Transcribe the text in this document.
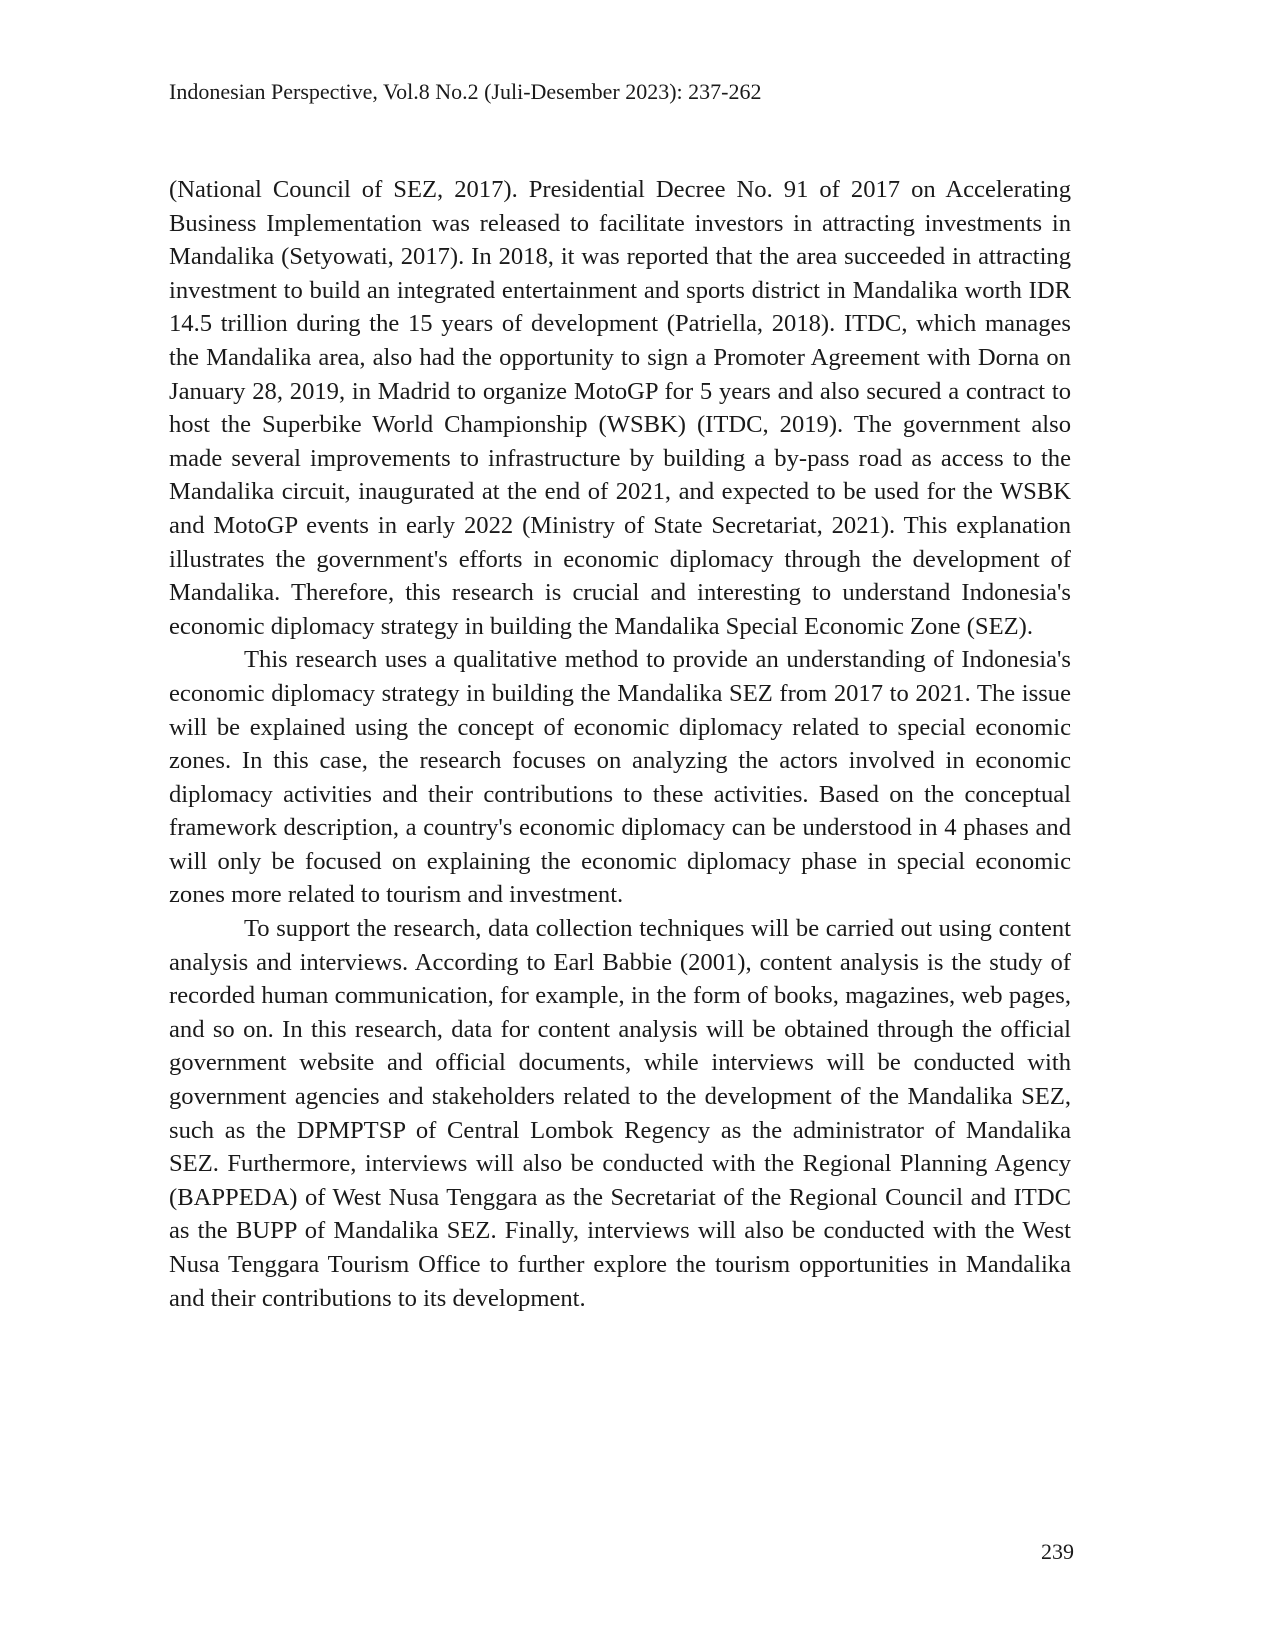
Indonesian Perspective, Vol.8 No.2 (Juli-Desember 2023): 237-262

(National Council of SEZ, 2017). Presidential Decree No. 91 of 2017 on Accelerating Business Implementation was released to facilitate investors in attracting investments in Mandalika (Setyowati, 2017). In 2018, it was reported that the area succeeded in attracting investment to build an integrated entertainment and sports district in Mandalika worth IDR 14.5 trillion during the 15 years of development (Patriella, 2018). ITDC, which manages the Mandalika area, also had the opportunity to sign a Promoter Agreement with Dorna on January 28, 2019, in Madrid to organize MotoGP for 5 years and also secured a contract to host the Superbike World Championship (WSBK) (ITDC, 2019). The government also made several improvements to infrastructure by building a by-pass road as access to the Mandalika circuit, inaugurated at the end of 2021, and expected to be used for the WSBK and MotoGP events in early 2022 (Ministry of State Secretariat, 2021). This explanation illustrates the government's efforts in economic diplomacy through the development of Mandalika. Therefore, this research is crucial and interesting to understand Indonesia's economic diplomacy strategy in building the Mandalika Special Economic Zone (SEZ).

This research uses a qualitative method to provide an understanding of Indonesia's economic diplomacy strategy in building the Mandalika SEZ from 2017 to 2021. The issue will be explained using the concept of economic diplomacy related to special economic zones. In this case, the research focuses on analyzing the actors involved in economic diplomacy activities and their contributions to these activities. Based on the conceptual framework description, a country's economic diplomacy can be understood in 4 phases and will only be focused on explaining the economic diplomacy phase in special economic zones more related to tourism and investment.

To support the research, data collection techniques will be carried out using content analysis and interviews. According to Earl Babbie (2001), content analysis is the study of recorded human communication, for example, in the form of books, magazines, web pages, and so on. In this research, data for content analysis will be obtained through the official government website and official documents, while interviews will be conducted with government agencies and stakeholders related to the development of the Mandalika SEZ, such as the DPMPTSP of Central Lombok Regency as the administrator of Mandalika SEZ. Furthermore, interviews will also be conducted with the Regional Planning Agency (BAPPEDA) of West Nusa Tenggara as the Secretariat of the Regional Council and ITDC as the BUPP of Mandalika SEZ. Finally, interviews will also be conducted with the West Nusa Tenggara Tourism Office to further explore the tourism opportunities in Mandalika and their contributions to its development.

239
